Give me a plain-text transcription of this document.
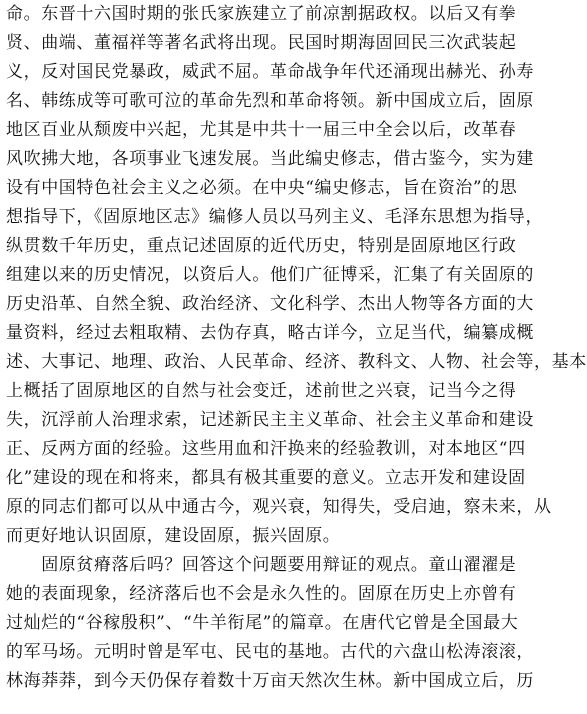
命。东晋十六国时期的张氏家族建立了前凉割据政权。以后又有拳
贤、曲端、董福祥等著名武将出现。民国时期海固回民三次武装起
义，反对国民党暴政，威武不屈。革命战争年代还涌现出赫光、孙寿
名、韩练成等可歌可泣的革命先烈和革命将领。新中国成立后，固原
地区百业从颓废中兴起，尤其是中共十一届三中全会以后，改革春
风吹拂大地，各项事业飞速发展。当此编史修志，借古鉴今，实为建
设有中国特色社会主义之必须。在中央“编史修志，旨在资治”的思
想指导下，《固原地区志》编修人员以马列主义、毛泽东思想为指导，
纵贯数千年历史，重点记述固原的近代历史，特别是固原地区行政
组建以来的历史情况，以资后人。他们广征博采，汇集了有关固原的
历史沿革、自然全貌、政治经济、文化科学、杰出人物等各方面的大
量资料，经过去粗取精、去伪存真，略古详今，立足当代，编纂成概
述、大事记、地理、政治、人民革命、经济、教科文、人物、社会等，基本
上概括了固原地区的自然与社会变迁，述前世之兴衰，记当今之得
失，沉浮前人治理求索，记述新民主主义革命、社会主义革命和建设
正、反两方面的经验。这些用血和汗换来的经验教训，对本地区“四
化”建设的现在和将来，都具有极其重要的意义。立志开发和建设固
原的同志们都可以从中通古今，观兴衰，知得失，受启迪，察未来，从
而更好地认识固原，建设固原，振兴固原。
　　固原贫瘠落后吗？回答这个问题要用辩证的观点。童山濯濯是
她的表面现象，经济落后也不会是永久性的。固原在历史上亦曾有
过灿烂的“谷稼殷积”、“牛羊衔尾”的篇章。在唐代它曾是全国最大
的军马场。元明时曾是军屯、民屯的基地。古代的六盘山松涛滚滚，
林海莽莽，到今天仍保存着数十万亩天然次生林。新中国成立后，历
